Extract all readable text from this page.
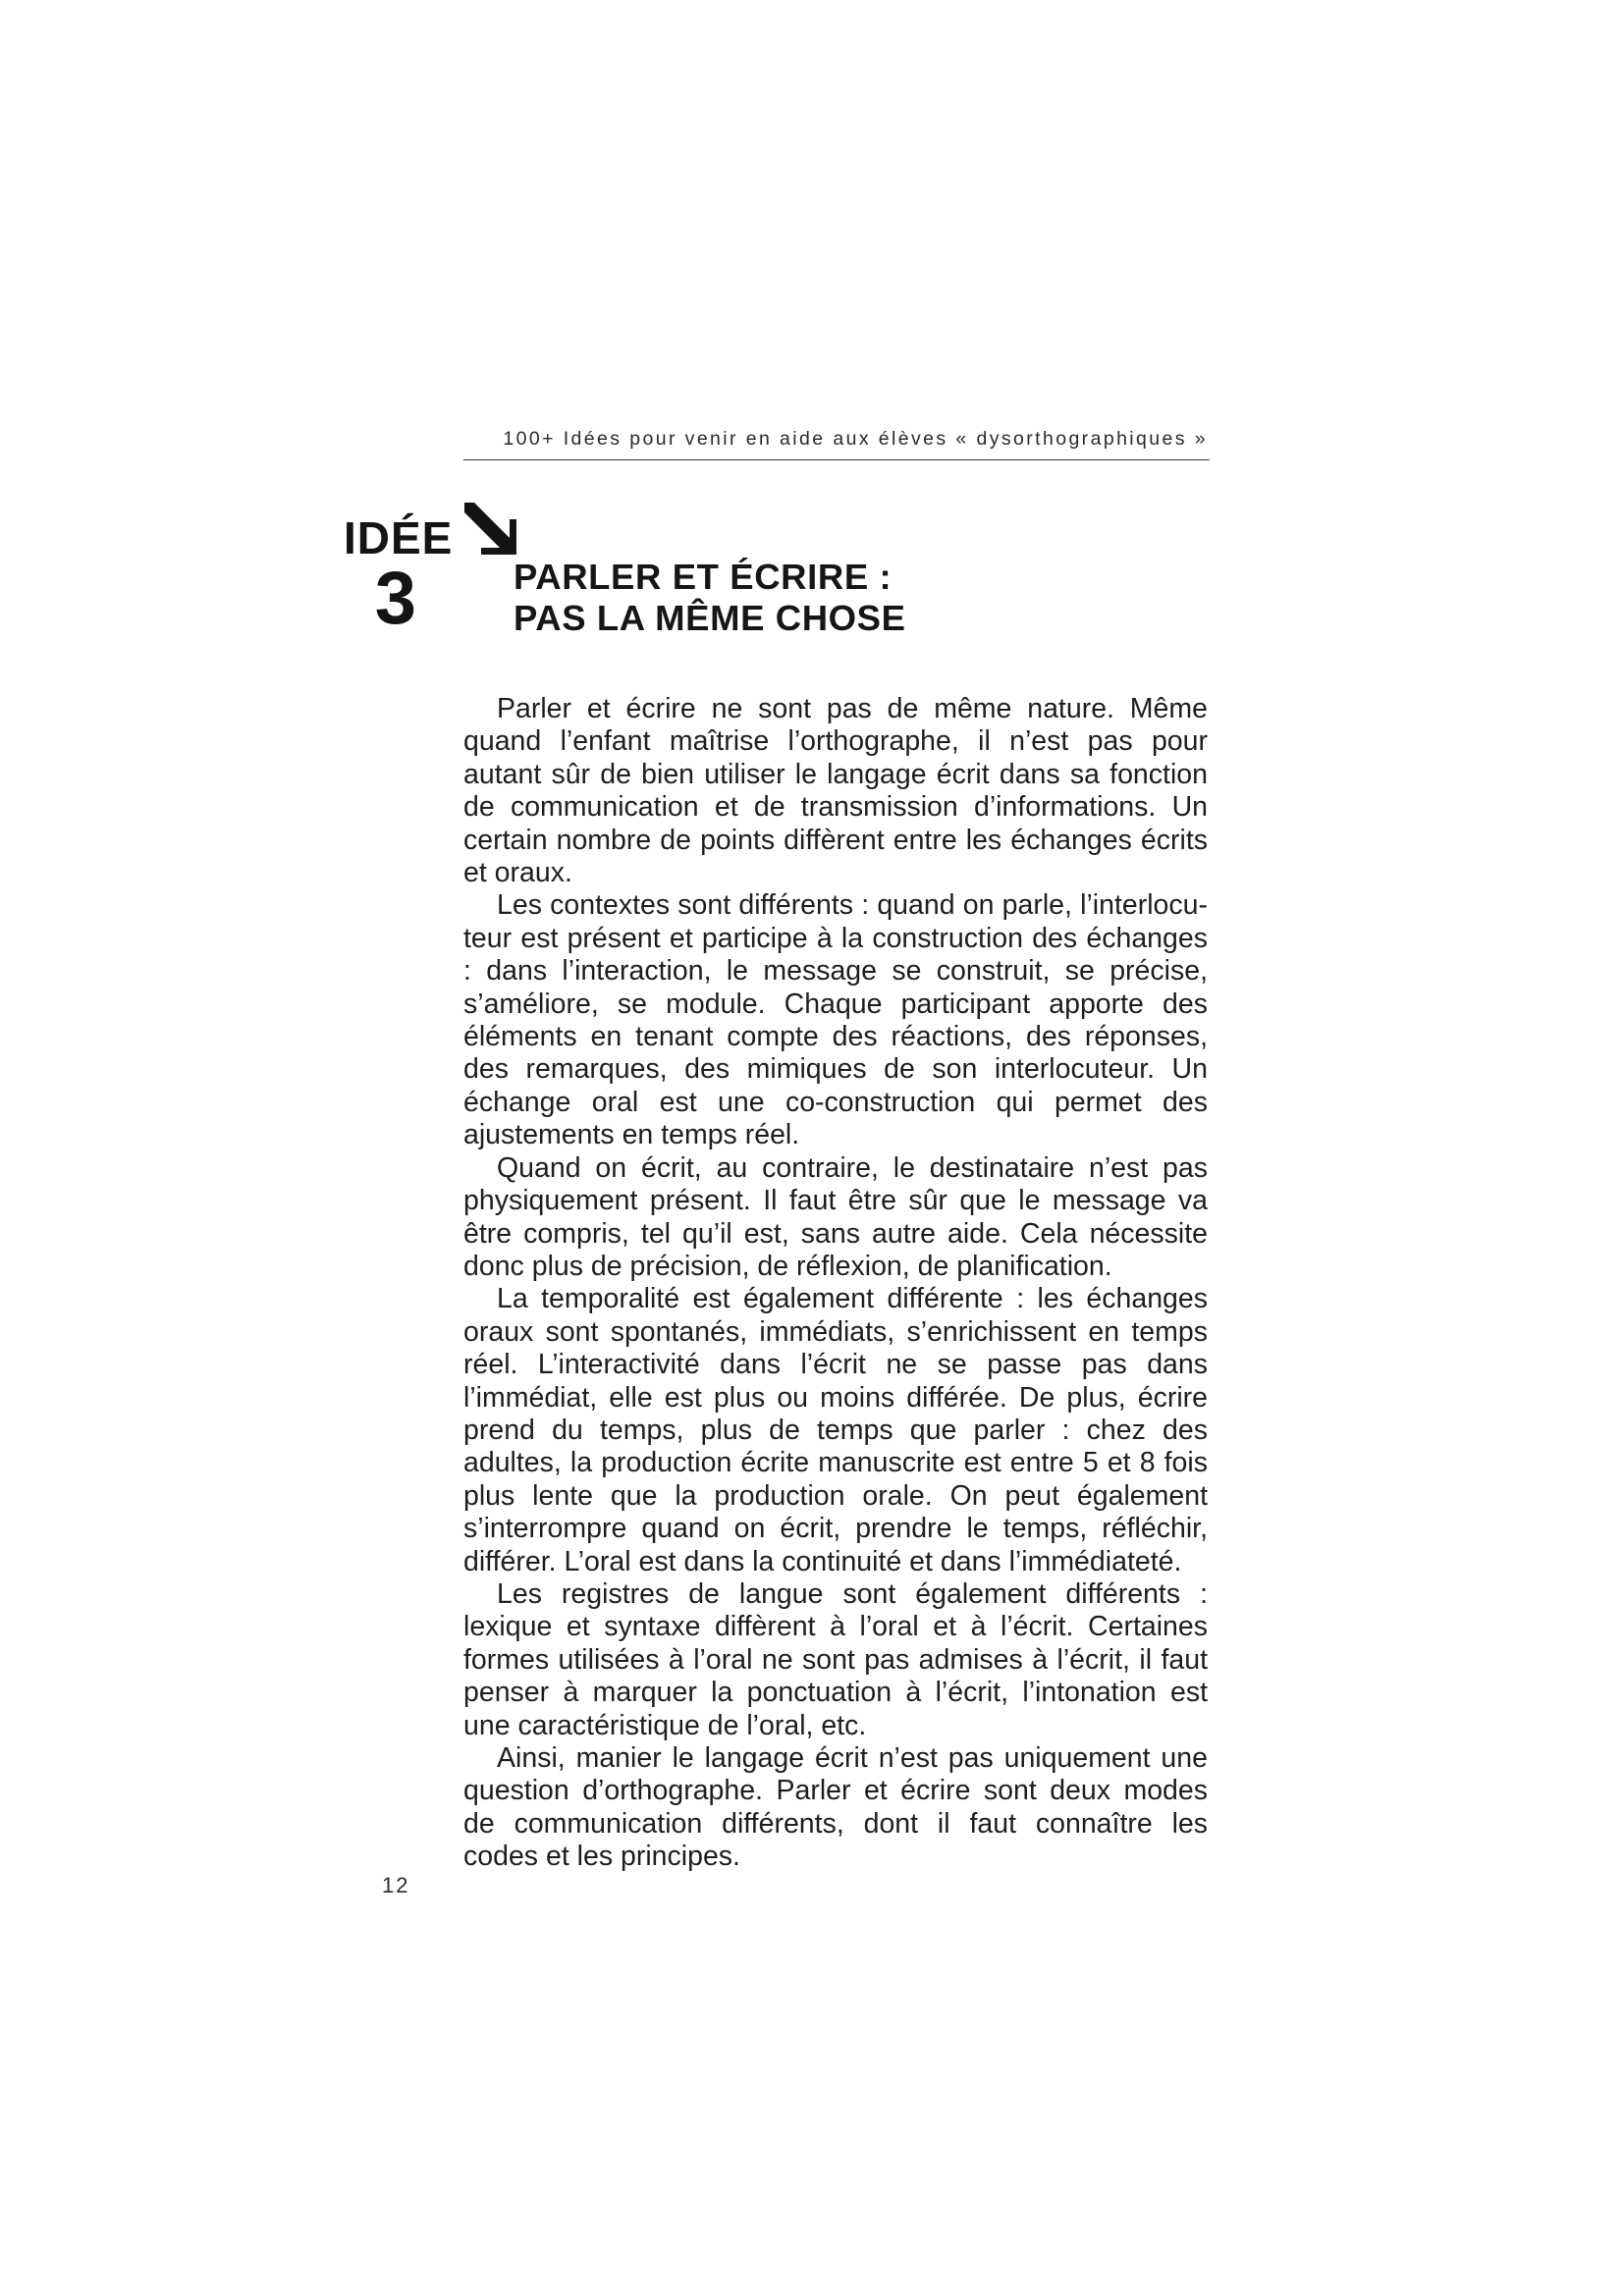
100+ Idées pour venir en aide aux élèves « dysorthographiques »
IDÉE
3	PARLER ET ÉCRIRE :
PAS LA MÊME CHOSE

Parler et écrire ne sont pas de même nature. Même quand l’enfant maîtrise l’orthographe, il n’est pas pour autant sûr de bien utiliser le langage écrit dans sa fonction de communication et de transmission d’informations. Un certain nombre de points diffèrent entre les échanges écrits et oraux.

Les contextes sont différents : quand on parle, l’interlocuteur est présent et participe à la construction des échanges : dans l’interaction, le message se construit, se précise, s’améliore, se module. Chaque participant apporte des éléments en tenant compte des réactions, des réponses, des remarques, des mimiques de son interlocuteur. Un échange oral est une co-construction qui permet des ajustements en temps réel.

Quand on écrit, au contraire, le destinataire n’est pas physiquement présent. Il faut être sûr que le message va être compris, tel qu’il est, sans autre aide. Cela nécessite donc plus de précision, de réflexion, de planification.

La temporalité est également différente : les échanges oraux sont spontanés, immédiats, s’enrichissent en temps réel. L’interactivité dans l’écrit ne se passe pas dans l’immédiat, elle est plus ou moins différée. De plus, écrire prend du temps, plus de temps que parler : chez des adultes, la production écrite manuscrite est entre 5 et 8 fois plus lente que la production orale. On peut également s’interrompre quand on écrit, prendre le temps, réfléchir, différer. L’oral est dans la continuité et dans l’immédiateté.

Les registres de langue sont également différents : lexique et syntaxe diffèrent à l’oral et à l’écrit. Certaines formes utilisées à l’oral ne sont pas admises à l’écrit, il faut penser à marquer la ponctuation à l’écrit, l’intonation est une caractéristique de l’oral, etc.

Ainsi, manier le langage écrit n’est pas uniquement une question d’orthographe. Parler et écrire sont deux modes de communication différents, dont il faut connaître les codes et les principes.

12
